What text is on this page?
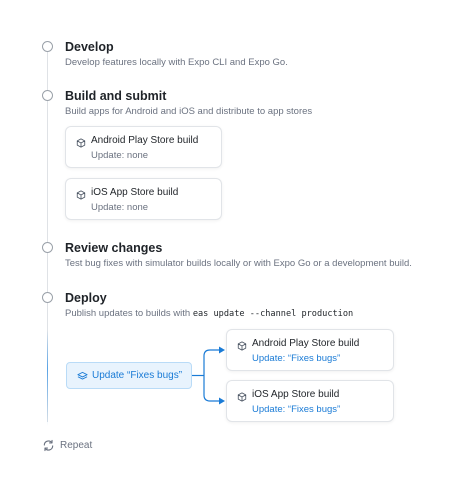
Develop
Develop features locally with Expo CLI and Expo Go.
Build and submit
Build apps for Android and iOS and distribute to app stores
Android Play Store build
Update: none
iOS App Store build
Update: none
Review changes
Test bug fixes with simulator builds locally or with Expo Go or a development build.
Deploy
Publish updates to builds with eas update --channel production
Update “Fixes bugs”
Android Play Store build
Update: “Fixes bugs”
iOS App Store build
Update: “Fixes bugs”
Repeat
